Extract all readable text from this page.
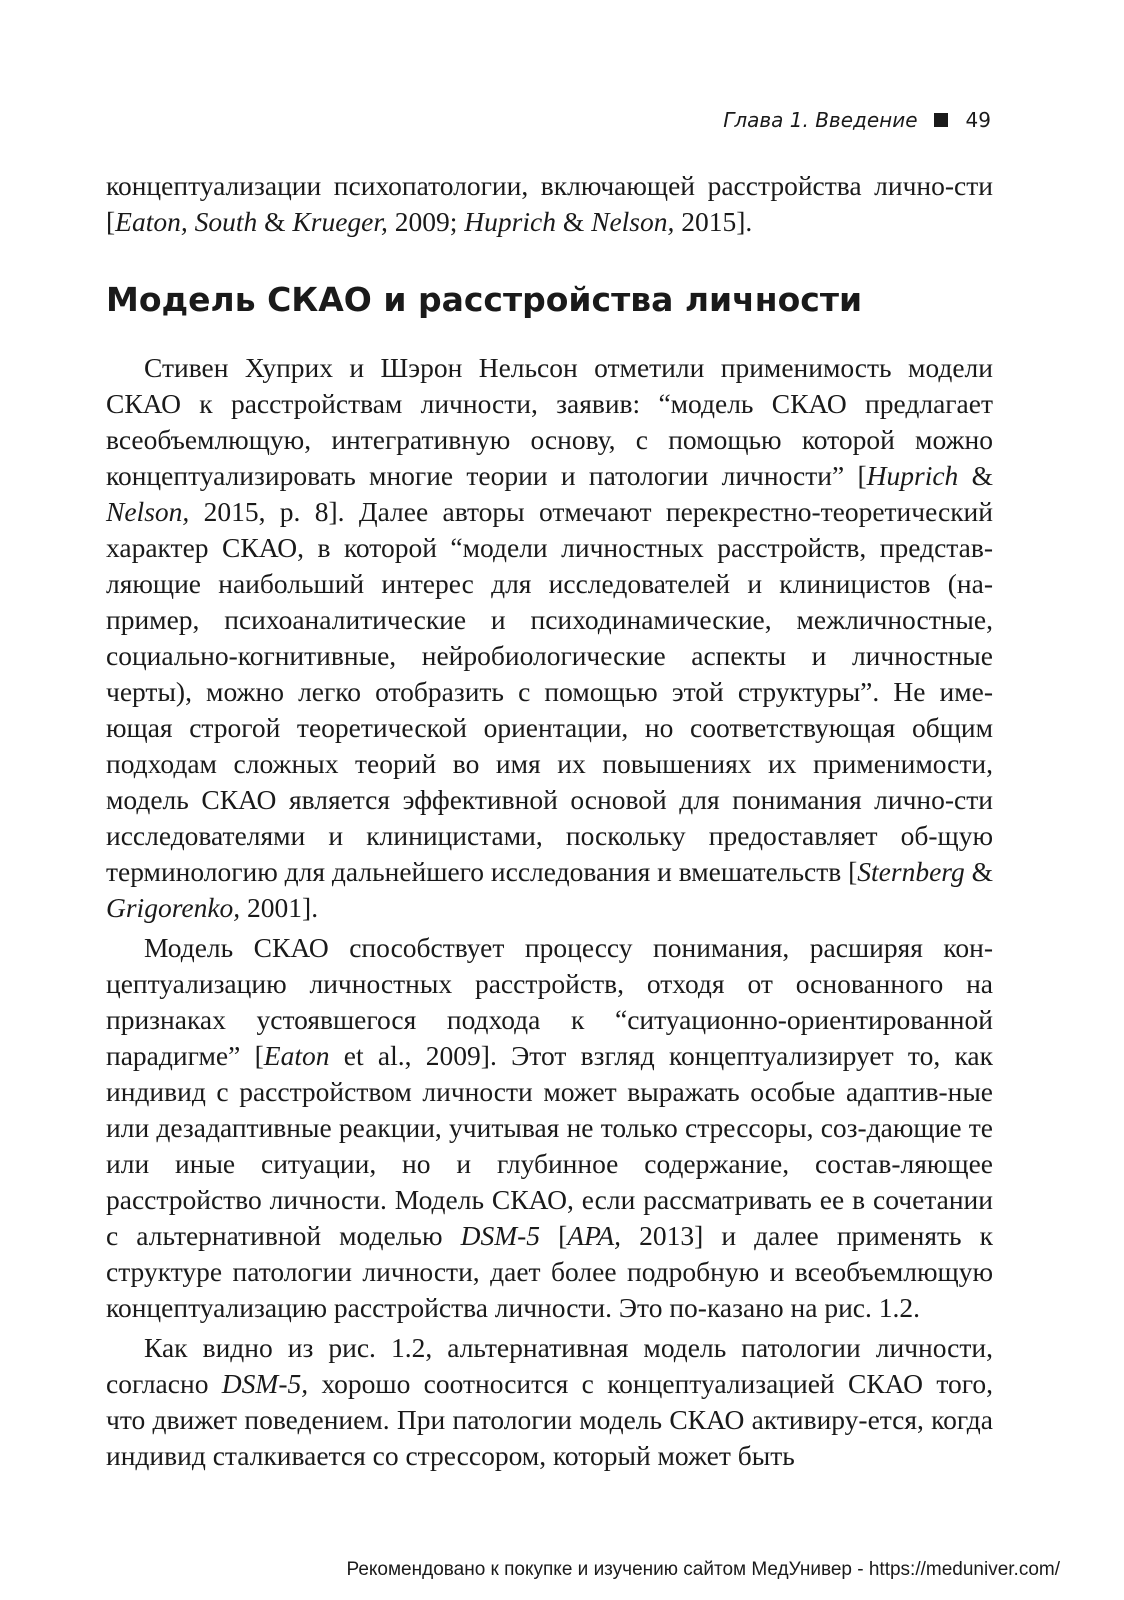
Глава 1. Введение 49
концептуализации психопатологии, включающей расстройства лично-сти [Eaton, South & Krueger, 2009; Huprich & Nelson, 2015].
Модель СКАО и расстройства личности

Стивен Хуприх и Шэрон Нельсон отметили применимость модели СКАО к расстройствам личности, заявив: “модель СКАО предлагает всеобъемлющую, интегративную основу, с помощью которой можно концептуализировать многие теории и патологии личности” [Huprich & Nelson, 2015, p. 8]. Далее авторы отмечают перекрестно-теоретический характер СКАО, в которой “модели личностных расстройств, представ-ляющие наибольший интерес для исследователей и клиницистов (на-пример, психоаналитические и психодинамические, межличностные, социально-когнитивные, нейробиологические аспекты и личностные черты), можно легко отобразить с помощью этой структуры”. Не име-ющая строгой теоретической ориентации, но соответствующая общим подходам сложных теорий во имя их повышениях их применимости, модель СКАО является эффективной основой для понимания лично-сти исследователями и клиницистами, поскольку предоставляет об-щую терминологию для дальнейшего исследования и вмешательств [Sternberg & Grigorenko, 2001].

Модель СКАО способствует процессу понимания, расширяя кон-цептуализацию личностных расстройств, отходя от основанного на признаках устоявшегося подхода к “ситуационно-ориентированной парадигме” [Eaton et al., 2009]. Этот взгляд концептуализирует то, как индивид с расстройством личности может выражать особые адаптив-ные или дезадаптивные реакции, учитывая не только стрессоры, соз-дающие те или иные ситуации, но и глубинное содержание, состав-ляющее расстройство личности. Модель СКАО, если рассматривать ее в сочетании с альтернативной моделью DSM-5 [APA, 2013] и далее применять к структуре патологии личности, дает более подробную и всеобъемлющую концептуализацию расстройства личности. Это по-казано на рис. 1.2.

Как видно из рис. 1.2, альтернативная модель патологии личности, согласно DSM-5, хорошо соотносится с концептуализацией СКАО того, что движет поведением. При патологии модель СКАО активиру-ется, когда индивид сталкивается со стрессором, который может быть

Рекомендовано к покупке и изучению сайтом МедУнивер - https://meduniver.com/
